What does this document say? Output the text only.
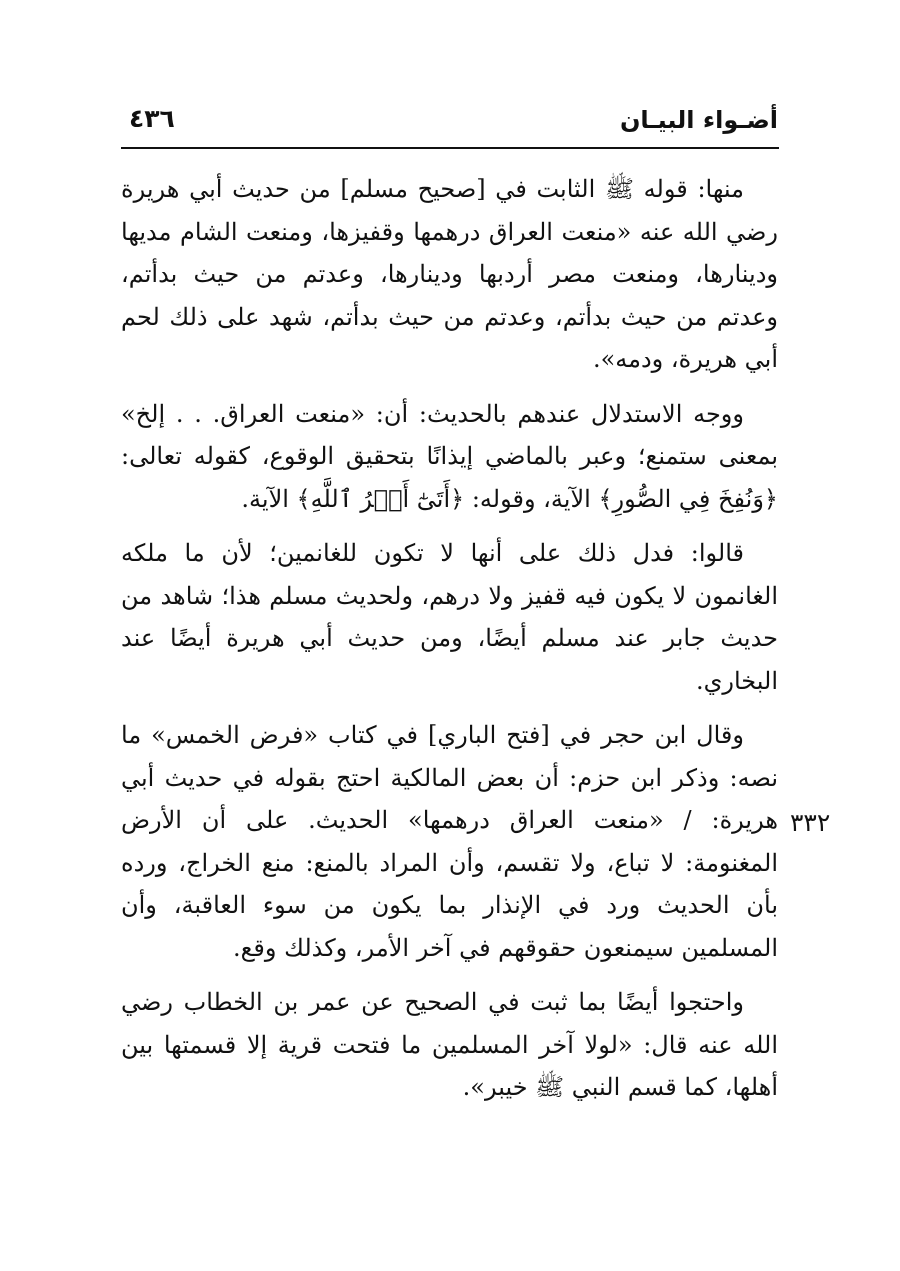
أضـواء البيـان
٤٣٦

منها: قوله ﷺ الثابت في [صحيح مسلم] من حديث أبي هريرة رضي الله عنه «منعت العراق درهمها وقفيزها، ومنعت الشام مديها ودينارها، ومنعت مصر أردبها ودينارها، وعدتم من حيث بدأتم، وعدتم من حيث بدأتم، وعدتم من حيث بدأتم، شهد على ذلك لحم أبي هريرة، ودمه».

ووجه الاستدلال عندهم بالحديث: أن: «منعت العراق. . . إلخ» بمعنى ستمنع؛ وعبر بالماضي إيذانًا بتحقيق الوقوع، كقوله تعالى: ﴿وَنُفِخَ فِي الصُّورِ﴾ الآية، وقوله: ﴿أَتَىٰٓ أَمۡرُ ٱللَّهِ﴾ الآية.

قالوا: فدل ذلك على أنها لا تكون للغانمين؛ لأن ما ملكه الغانمون لا يكون فيه قفيز ولا درهم، ولحديث مسلم هذا؛ شاهد من حديث جابر عند مسلم أيضًا، ومن حديث أبي هريرة أيضًا عند البخاري.

وقال ابن حجر في [فتح الباري] في كتاب «فرض الخمس» ما نصه: وذكر ابن حزم: أن بعض المالكية احتج بقوله في حديث أبي هريرة: / «منعت العراق درهمها» الحديث. على أن الأرض المغنومة: لا تباع، ولا تقسم، وأن المراد بالمنع: منع الخراج، ورده بأن الحديث ورد في الإنذار بما يكون من سوء العاقبة، وأن المسلمين سيمنعون حقوقهم في آخر الأمر، وكذلك وقع.

واحتجوا أيضًا بما ثبت في الصحيح عن عمر بن الخطاب رضي الله عنه قال: «لولا آخر المسلمين ما فتحت قرية إلا قسمتها بين أهلها، كما قسم النبي ﷺ خيبر».

٣٣٢
